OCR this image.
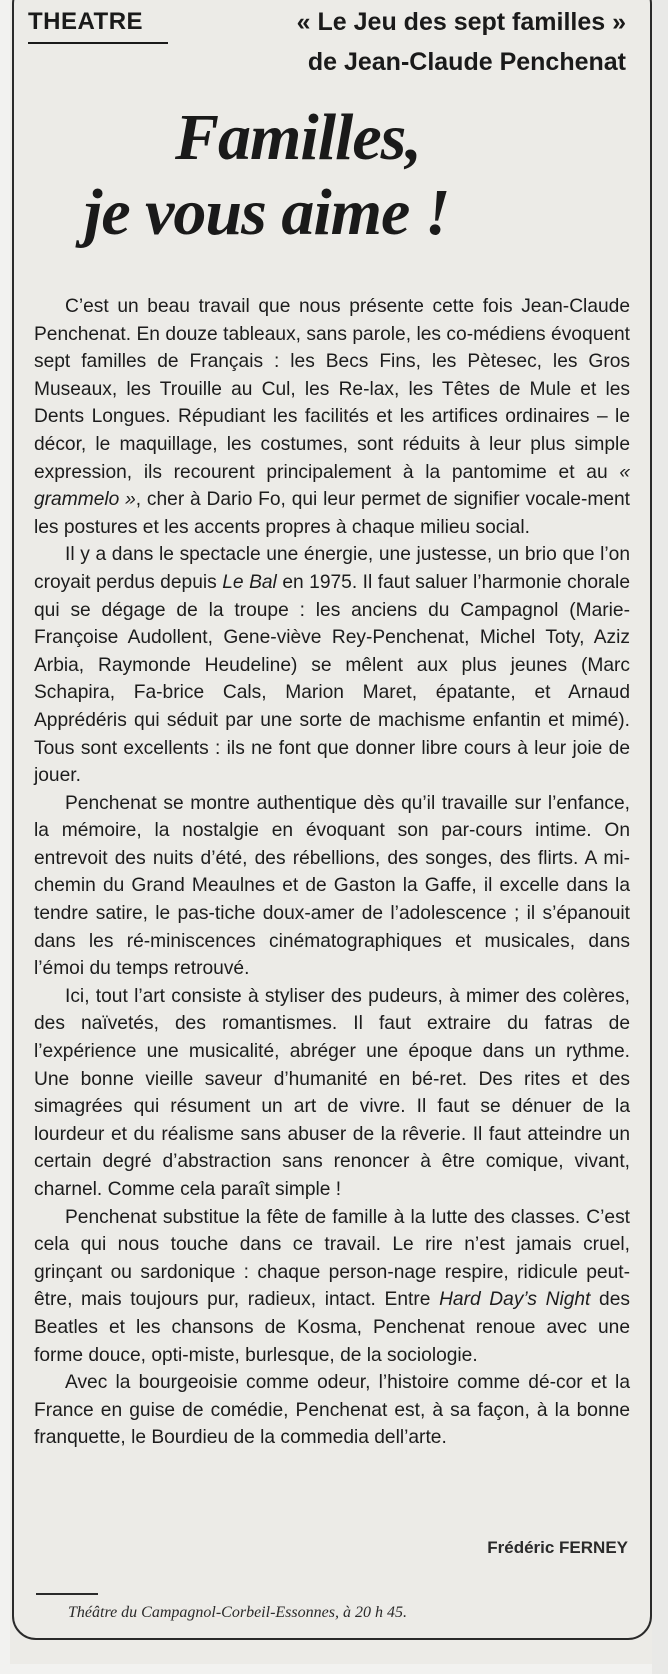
THEATRE	« Le Jeu des sept familles »
de Jean-Claude Penchenat
Familles,
je vous aime !

C’est un beau travail que nous présente cette fois Jean-Claude Penchenat. En douze tableaux, sans parole, les co-médiens évoquent sept familles de Français : les Becs Fins, les Pètesec, les Gros Museaux, les Trouille au Cul, les Re-lax, les Têtes de Mule et les Dents Longues. Répudiant les facilités et les artifices ordinaires – le décor, le maquillage, les costumes, sont réduits à leur plus simple expression, ils recourent principalement à la pantomime et au « grammelo », cher à Dario Fo, qui leur permet de signifier vocale-ment les postures et les accents propres à chaque milieu social.

Il y a dans le spectacle une énergie, une justesse, un brio que l’on croyait perdus depuis Le Bal en 1975. Il faut saluer l’harmonie chorale qui se dégage de la troupe : les anciens du Campagnol (Marie-Françoise Audollent, Gene-viève Rey-Penchenat, Michel Toty, Aziz Arbia, Raymonde Heudeline) se mêlent aux plus jeunes (Marc Schapira, Fa-brice Cals, Marion Maret, épatante, et Arnaud Apprédéris qui séduit par une sorte de machisme enfantin et mimé). Tous sont excellents : ils ne font que donner libre cours à leur joie de jouer.

Penchenat se montre authentique dès qu’il travaille sur l’enfance, la mémoire, la nostalgie en évoquant son par-cours intime. On entrevoit des nuits d’été, des rébellions, des songes, des flirts. A mi-chemin du Grand Meaulnes et de Gaston la Gaffe, il excelle dans la tendre satire, le pas-tiche doux-amer de l’adolescence ; il s’épanouit dans les ré-miniscences cinématographiques et musicales, dans l’émoi du temps retrouvé.

Ici, tout l’art consiste à styliser des pudeurs, à mimer des colères, des naïvetés, des romantismes. Il faut extraire du fatras de l’expérience une musicalité, abréger une époque dans un rythme. Une bonne vieille saveur d’humanité en bé-ret. Des rites et des simagrées qui résument un art de vivre. Il faut se dénuer de la lourdeur et du réalisme sans abuser de la rêverie. Il faut atteindre un certain degré d’abstraction sans renoncer à être comique, vivant, charnel. Comme cela paraît simple !

Penchenat substitue la fête de famille à la lutte des classes. C’est cela qui nous touche dans ce travail. Le rire n’est jamais cruel, grinçant ou sardonique : chaque person-nage respire, ridicule peut-être, mais toujours pur, radieux, intact. Entre Hard Day’s Night des Beatles et les chansons de Kosma, Penchenat renoue avec une forme douce, opti-miste, burlesque, de la sociologie.

Avec la bourgeoisie comme odeur, l’histoire comme dé-cor et la France en guise de comédie, Penchenat est, à sa façon, à la bonne franquette, le Bourdieu de la commedia dell’arte.

Frédéric FERNEY
Théâtre du Campagnol-Corbeil-Essonnes, à 20 h 45.
